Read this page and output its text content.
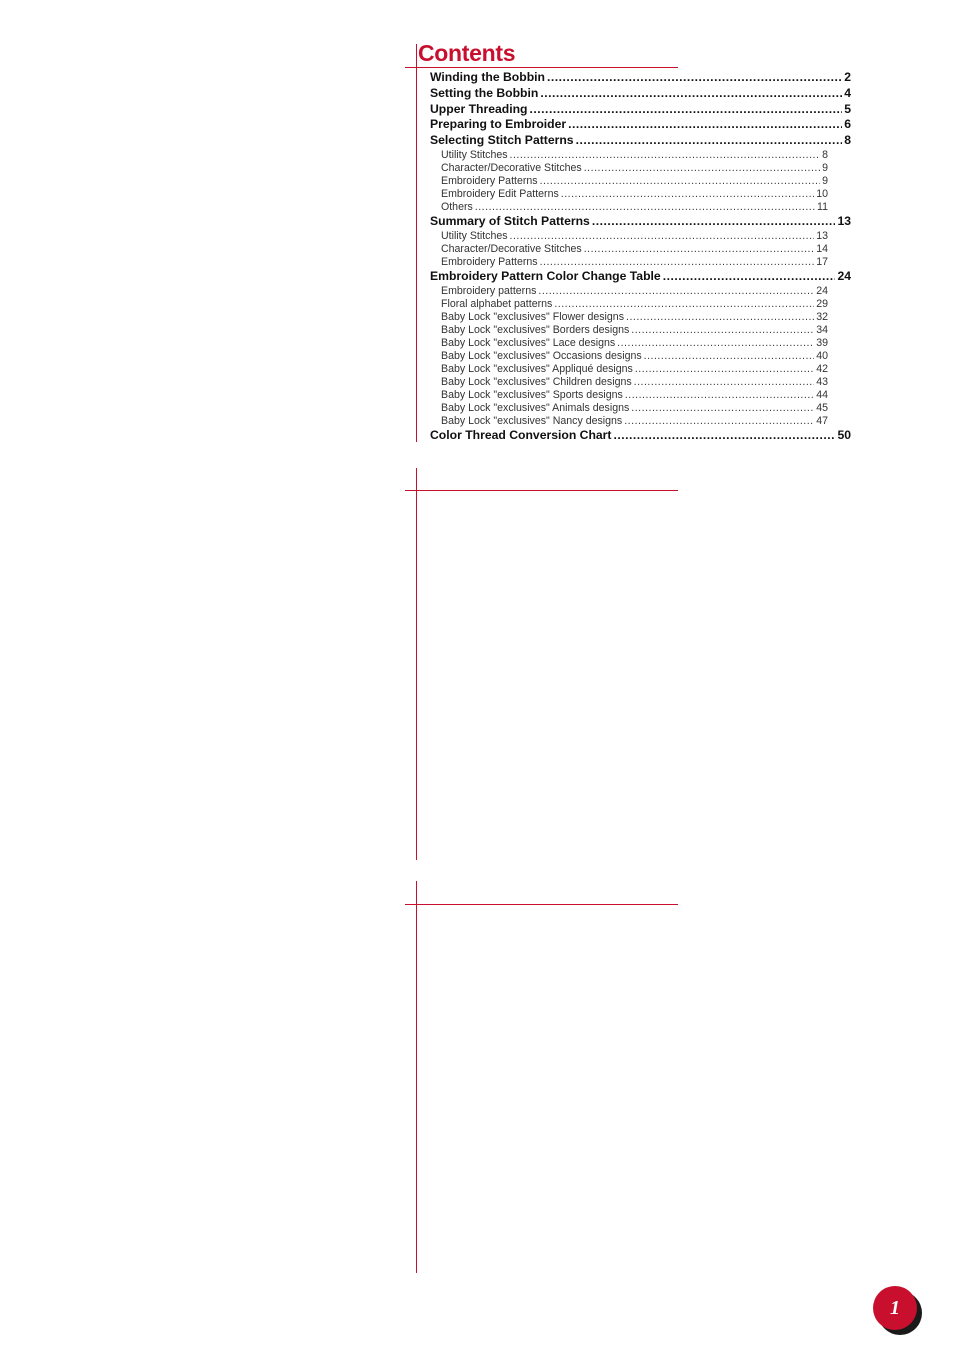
Contents
Winding the Bobbin .....	2
Setting the Bobbin .....	4
Upper Threading .....	5
Preparing to Embroider .....	6
Selecting Stitch Patterns .....	8
Utility Stitches .....	8
Character/Decorative Stitches .....	9
Embroidery Patterns .....	9
Embroidery Edit Patterns .....	10
Others .....	11
Summary of Stitch Patterns .....	13
Utility Stitches .....	13
Character/Decorative Stitches .....	14
Embroidery Patterns .....	17
Embroidery Pattern Color Change Table .....	24
Embroidery patterns .....	24
Floral alphabet patterns .....	29
Baby Lock "exclusives" Flower designs .....	32
Baby Lock "exclusives" Borders designs .....	34
Baby Lock "exclusives" Lace designs .....	39
Baby Lock "exclusives" Occasions designs .....	40
Baby Lock "exclusives" Appliqué designs .....	42
Baby Lock "exclusives" Children designs .....	43
Baby Lock "exclusives" Sports designs .....	44
Baby Lock "exclusives" Animals designs .....	45
Baby Lock "exclusives" Nancy designs .....	47
Color Thread Conversion Chart .....	50
1
